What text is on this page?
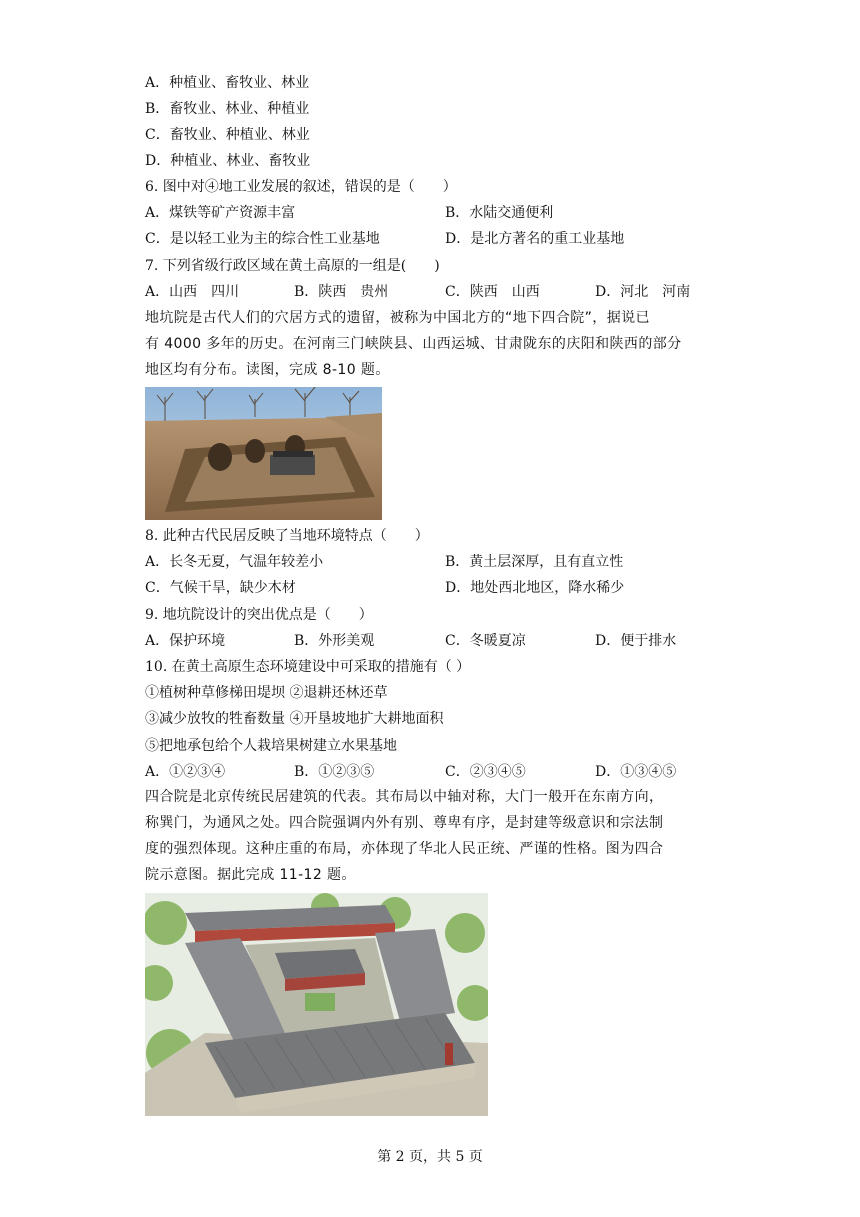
A．种植业、畜牧业、林业
B．畜牧业、林业、种植业
C．畜牧业、种植业、林业
D．种植业、林业、畜牧业
6. 图中对④地工业发展的叙述，错误的是（　　）
A．煤铁等矿产资源丰富	B．水陆交通便利
C．是以轻工业为主的综合性工业基地	D．是北方著名的重工业基地
7. 下列省级行政区域在黄土高原的一组是(　　)
A．山西　四川	B．陕西　贵州	C．陕西　山西	D．河北　河南
地坑院是古代人们的穴居方式的遗留，被称为中国北方的“地下四合院”，据说已
有 4000 多年的历史。在河南三门峡陕县、山西运城、甘肃陇东的庆阳和陕西的部分
地区均有分布。读图，完成 8-10 题。
8. 此种古代民居反映了当地环境特点（　　）
A．长冬无夏，气温年较差小	B．黄土层深厚，且有直立性
C．气候干旱，缺少木材	D．地处西北地区，降水稀少
9. 地坑院设计的突出优点是（　　）
A．保护环境	B．外形美观	C．冬暖夏凉	D．便于排水
10. 在黄土高原生态环境建设中可采取的措施有（ ）
①植树种草修梯田堤坝 ②退耕还林还草
③减少放牧的牲畜数量 ④开垦坡地扩大耕地面积
⑤把地承包给个人栽培果树建立水果基地
A．①②③④	B．①②③⑤	C．②③④⑤	D．①③④⑤
四合院是北京传统民居建筑的代表。其布局以中轴对称，大门一般开在东南方向，
称巽门，为通风之处。四合院强调内外有别、尊卑有序，是封建等级意识和宗法制
度的强烈体现。这种庄重的布局，亦体现了华北人民正统、严谨的性格。图为四合
院示意图。据此完成 11-12 题。
第 2 页，共 5 页
